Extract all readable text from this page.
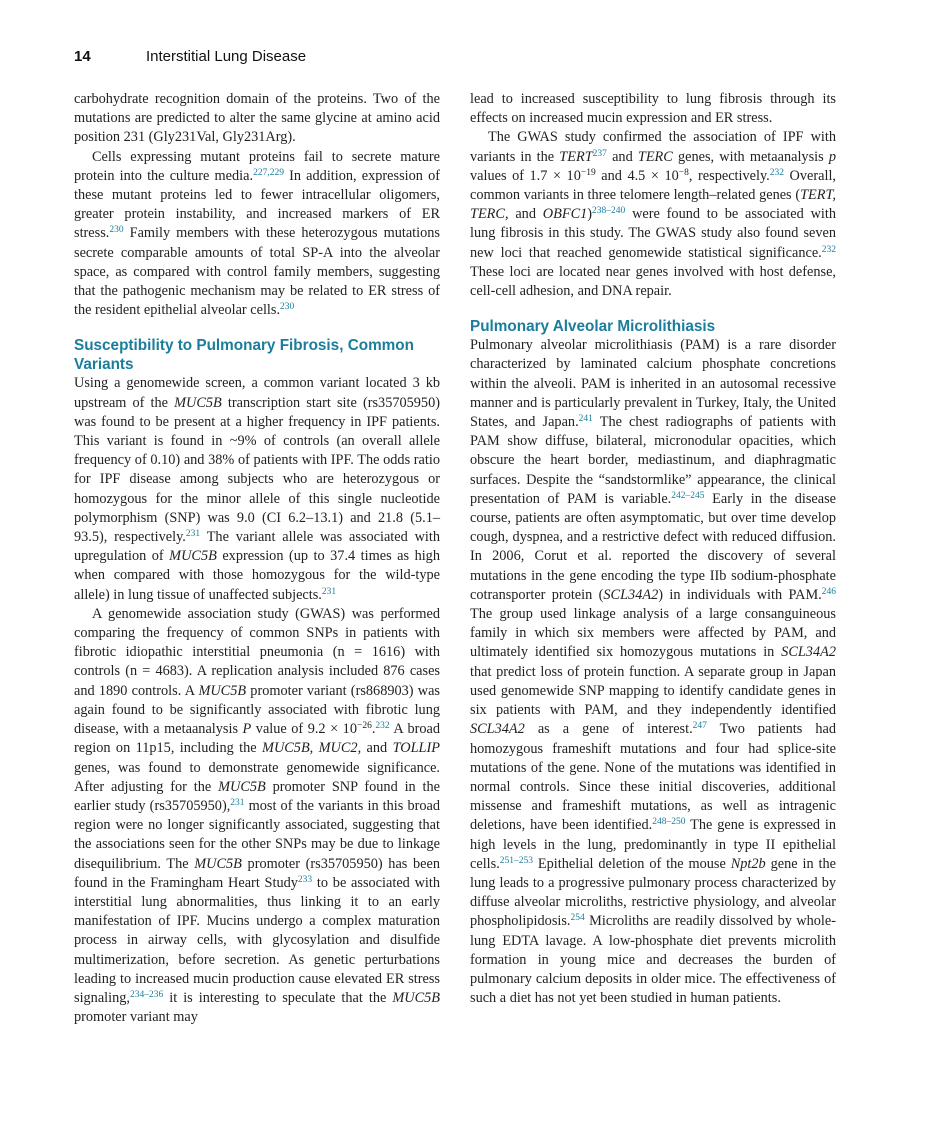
14	Interstitial Lung Disease

carbohydrate recognition domain of the proteins. Two of the mutations are predicted to alter the same glycine at amino acid position 231 (Gly231Val, Gly231Arg).

Cells expressing mutant proteins fail to secrete mature protein into the culture media.$^{227,229}$ In addition, expression of these mutant proteins led to fewer intracellular oligomers, greater protein instability, and increased markers of ER stress.$^{230}$ Family members with these heterozygous mutations secrete comparable amounts of total SP-A into the alveolar space, as compared with control family members, suggesting that the pathogenic mechanism may be related to ER stress of the resident epithelial alveolar cells.$^{230}$

Susceptibility to Pulmonary Fibrosis, Common Variants

Using a genomewide screen, a common variant located 3 kb upstream of the MUC5B transcription start site (rs35705950) was found to be present at a higher frequency in IPF patients. This variant is found in ~9% of controls (an overall allele frequency of 0.10) and 38% of patients with IPF. The odds ratio for IPF disease among subjects who are heterozygous or homozygous for the minor allele of this single nucleotide polymorphism (SNP) was 9.0 (CI 6.2–13.1) and 21.8 (5.1–93.5), respectively.$^{231}$ The variant allele was associated with upregulation of MUC5B expression (up to 37.4 times as high when compared with those homozygous for the wild-type allele) in lung tissue of unaffected subjects.$^{231}$

A genomewide association study (GWAS) was performed comparing the frequency of common SNPs in patients with fibrotic idiopathic interstitial pneumonia (n = 1616) with controls (n = 4683). A replication analysis included 876 cases and 1890 controls. A MUC5B promoter variant (rs868903) was again found to be significantly associated with fibrotic lung disease, with a metaanalysis P value of $9.2 \times 10^{-26}.^{232}$ A broad region on 11p15, including the MUC5B, MUC2, and TOLLIP genes, was found to demonstrate genomewide significance. After adjusting for the MUC5B promoter SNP found in the earlier study (rs35705950),$^{231}$ most of the variants in this broad region were no longer significantly associated, suggesting that the associations seen for the other SNPs may be due to linkage disequilibrium. The MUC5B promoter (rs35705950) has been found in the Framingham Heart Study$^{233}$ to be associated with interstitial lung abnormalities, thus linking it to an early manifestation of IPF. Mucins undergo a complex maturation process in airway cells, with glycosylation and disulfide multimerization, before secretion. As genetic perturbations leading to increased mucin production cause elevated ER stress signaling,$^{234-236}$ it is interesting to speculate that the MUC5B promoter variant may

lead to increased susceptibility to lung fibrosis through its effects on increased mucin expression and ER stress.

The GWAS study confirmed the association of IPF with variants in the TERT$^{237}$ and TERC genes, with metaanalysis p values of $1.7 \times 10^{-19}$ and $4.5 \times 10^{-8}$, respectively.$^{232}$ Overall, common variants in three telomere length–related genes (TERT, TERC, and OBFC1)$^{238-240}$ were found to be associated with lung fibrosis in this study. The GWAS study also found seven new loci that reached genomewide statistical significance.$^{232}$ These loci are located near genes involved with host defense, cell-cell adhesion, and DNA repair.

Pulmonary Alveolar Microlithiasis

Pulmonary alveolar microlithiasis (PAM) is a rare disorder characterized by laminated calcium phosphate concretions within the alveoli. PAM is inherited in an autosomal recessive manner and is particularly prevalent in Turkey, Italy, the United States, and Japan.$^{241}$ The chest radiographs of patients with PAM show diffuse, bilateral, micronodular opacities, which obscure the heart border, mediastinum, and diaphragmatic surfaces. Despite the “sandstormlike” appearance, the clinical presentation of PAM is variable.$^{242-245}$ Early in the disease course, patients are often asymptomatic, but over time develop cough, dyspnea, and a restrictive defect with reduced diffusion. In 2006, Corut et al. reported the discovery of several mutations in the gene encoding the type IIb sodium-phosphate cotransporter protein (SCL34A2) in individuals with PAM.$^{246}$ The group used linkage analysis of a large consanguineous family in which six members were affected by PAM, and ultimately identified six homozygous mutations in SCL34A2 that predict loss of protein function. A separate group in Japan used genomewide SNP mapping to identify candidate genes in six patients with PAM, and they independently identified SCL34A2 as a gene of interest.$^{247}$ Two patients had homozygous frameshift mutations and four had splice-site mutations of the gene. None of the mutations was identified in normal controls. Since these initial discoveries, additional missense and frameshift mutations, as well as intragenic deletions, have been identified.$^{248-250}$ The gene is expressed in high levels in the lung, predominantly in type II epithelial cells.$^{251-253}$ Epithelial deletion of the mouse Npt2b gene in the lung leads to a progressive pulmonary process characterized by diffuse alveolar microliths, restrictive physiology, and alveolar phospholipidosis.$^{254}$ Microliths are readily dissolved by whole-lung EDTA lavage. A low-phosphate diet prevents microlith formation in young mice and decreases the burden of pulmonary calcium deposits in older mice. The effectiveness of such a diet has not yet been studied in human patients.
